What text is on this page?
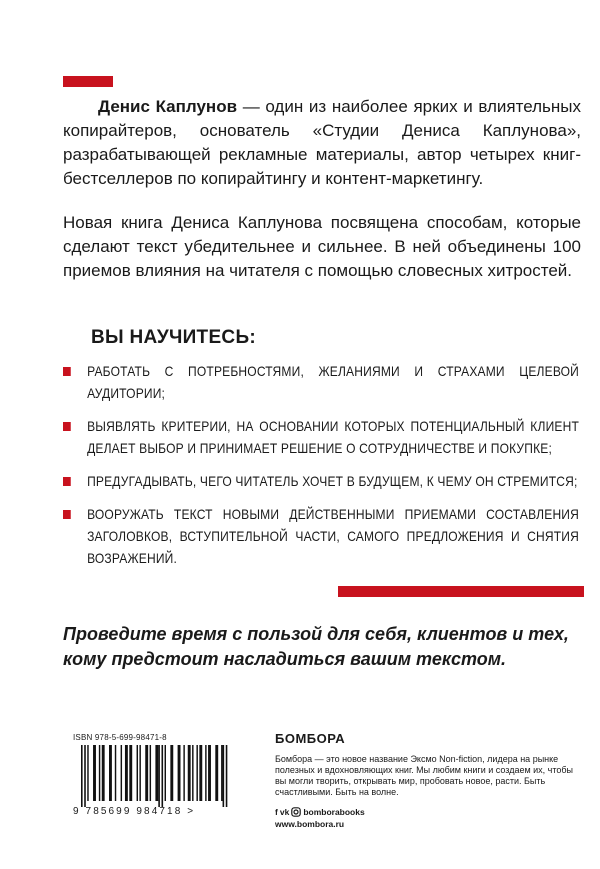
Денис Каплунов — один из наиболее ярких и влиятельных копирайтеров, основатель «Студии Дениса Каплунова», разрабатывающей рекламные материалы, автор четырех книг-бестселлеров по копирайтингу и контент-маркетингу.

Новая книга Дениса Каплунова посвящена способам, которые сделают текст убедительнее и сильнее. В ней объединены 100 приемов влияния на читателя с помощью словесных хитростей.

ВЫ НАУЧИТЕСЬ:
РАБОТАТЬ С ПОТРЕБНОСТЯМИ, ЖЕЛАНИЯМИ И СТРАХАМИ ЦЕЛЕВОЙ АУДИТОРИИ;
ВЫЯВЛЯТЬ КРИТЕРИИ, НА ОСНОВАНИИ КОТОРЫХ ПОТЕНЦИАЛЬНЫЙ КЛИЕНТ ДЕЛАЕТ ВЫБОР И ПРИНИМАЕТ РЕШЕНИЕ О СОТРУДНИЧЕСТВЕ И ПОКУПКЕ;
ПРЕДУГАДЫВАТЬ, ЧЕГО ЧИТАТЕЛЬ ХОЧЕТ В БУДУЩЕМ, К ЧЕМУ ОН СТРЕМИТСЯ;
ВООРУЖАТЬ ТЕКСТ НОВЫМИ ДЕЙСТВЕННЫМИ ПРИЕМАМИ СОСТАВЛЕНИЯ ЗАГОЛОВКОВ, ВСТУПИТЕЛЬНОЙ ЧАСТИ, САМОГО ПРЕДЛОЖЕНИЯ И СНЯТИЯ ВОЗРАЖЕНИЙ.

Проведите время с пользой для себя, клиентов и тех, кому предстоит насладиться вашим текстом.

ISBN 978-5-699-98471-8
9 785699 984718 >
БОМБОРА

Бомбора — это новое название Эксмо Non-fiction, лидера на рынке полезных и вдохновляющих книг. Мы любим книги и создаем их, чтобы вы могли творить, открывать мир, пробовать новое, расти. Быть счастливыми. Быть на волне.

f vk bomborabooks
www.bombora.ru
